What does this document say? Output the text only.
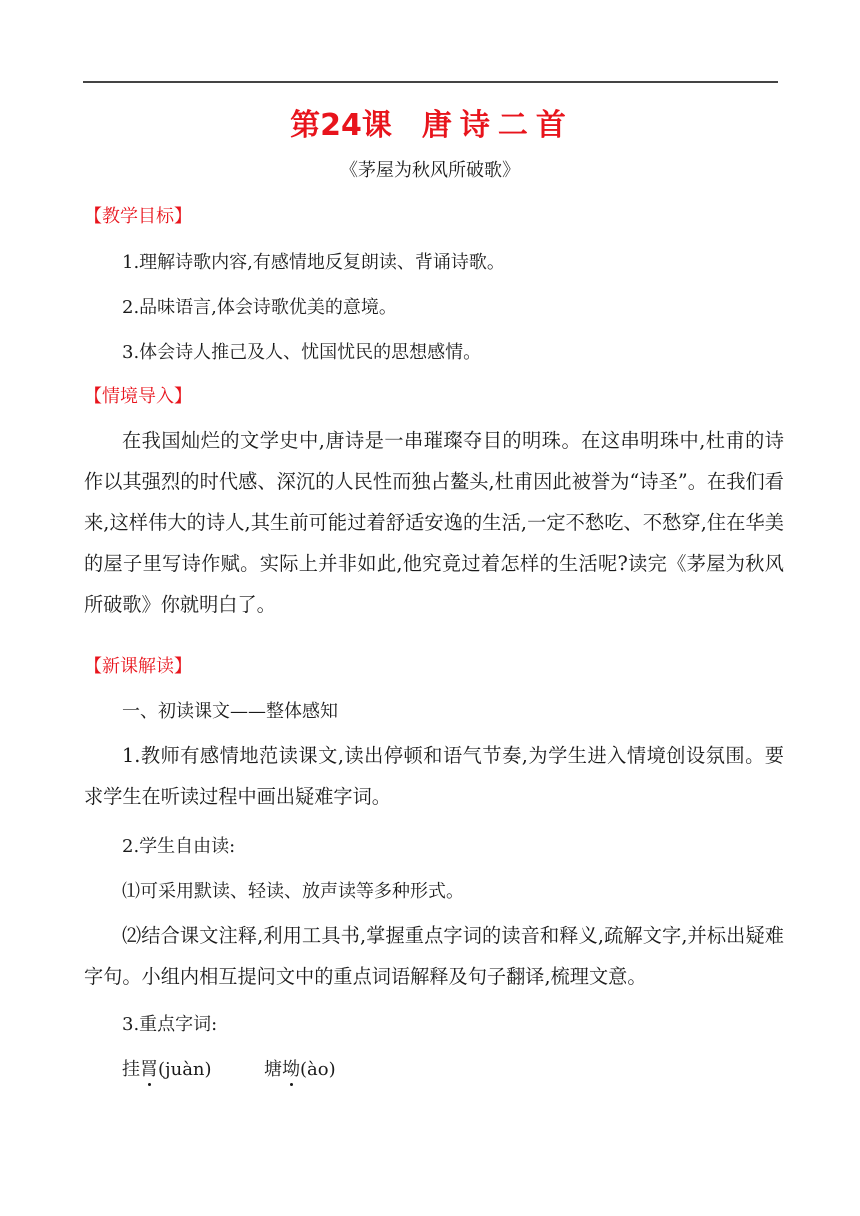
第24课 唐 诗 二 首
《茅屋为秋风所破歌》
【教学目标】
1.理解诗歌内容,有感情地反复朗读、背诵诗歌。
2.品味语言,体会诗歌优美的意境。
3.体会诗人推己及人、忧国忧民的思想感情。
【情境导入】
在我国灿烂的文学史中,唐诗是一串璀璨夺目的明珠。在这串明珠中,杜甫的诗作以其强烈的时代感、深沉的人民性而独占鳌头,杜甫因此被誉为“诗圣”。在我们看来,这样伟大的诗人,其生前可能过着舒适安逸的生活,一定不愁吃、不愁穿,住在华美的屋子里写诗作赋。实际上并非如此,他究竟过着怎样的生活呢?读完《茅屋为秋风所破歌》你就明白了。
【新课解读】
一、初读课文——整体感知
1.教师有感情地范读课文,读出停顿和语气节奏,为学生进入情境创设氛围。要求学生在听读过程中画出疑难字词。
2.学生自由读:
⑴可采用默读、轻读、放声读等多种形式。
⑵结合课文注释,利用工具书,掌握重点字词的读音和释义,疏解文字,并标出疑难字句。小组内相互提问文中的重点词语解释及句子翻译,梳理文意。
3.重点字词:
挂罥(juàn)	塘坳(ào)
